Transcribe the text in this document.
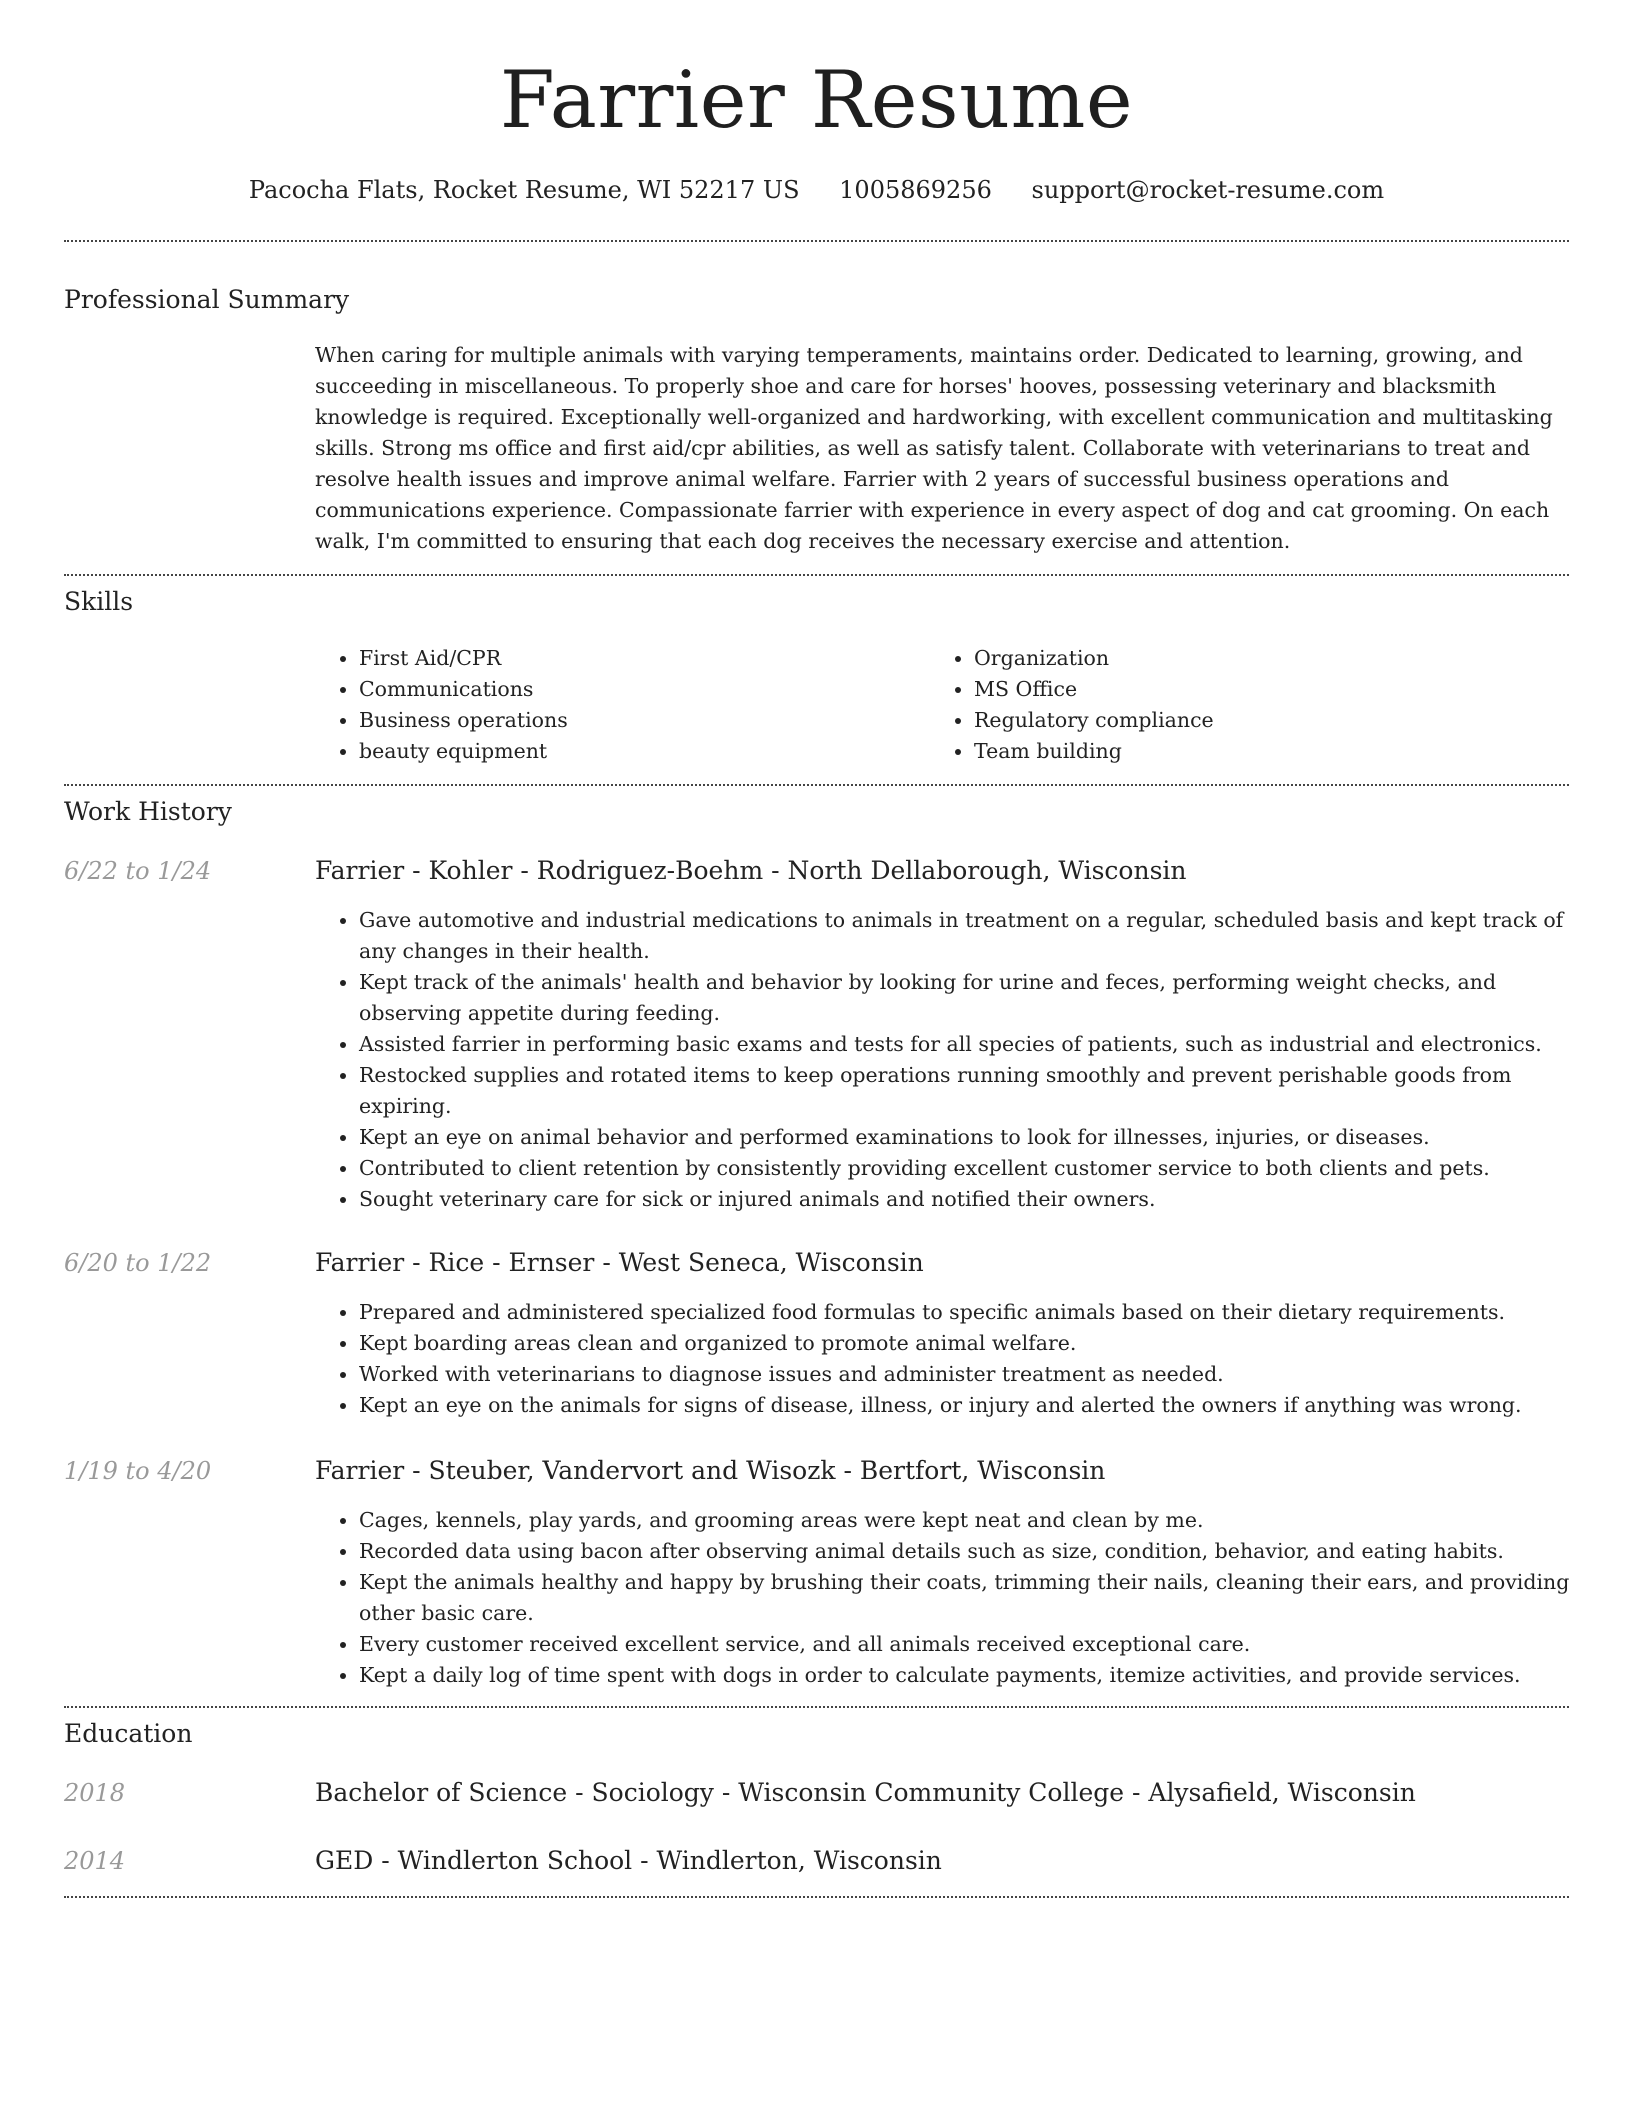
Farrier Resume
Pacocha Flats, Rocket Resume, WI 52217 US 1005869256 support@rocket-resume.com
Professional Summary
When caring for multiple animals with varying temperaments, maintains order. Dedicated to learning, growing, and succeeding in miscellaneous. To properly shoe and care for horses' hooves, possessing veterinary and blacksmith knowledge is required. Exceptionally well-organized and hardworking, with excellent communication and multitasking skills. Strong ms office and first aid/cpr abilities, as well as satisfy talent. Collaborate with veterinarians to treat and resolve health issues and improve animal welfare. Farrier with 2 years of successful business operations and communications experience. Compassionate farrier with experience in every aspect of dog and cat grooming. On each walk, I'm committed to ensuring that each dog receives the necessary exercise and attention.
Skills
• First Aid/CPR
• Communications
• Business operations
• beauty equipment
• Organization
• MS Office
• Regulatory compliance
• Team building
Work History
6/22 to 1/24	Farrier - Kohler - Rodriguez-Boehm - North Dellaborough, Wisconsin
• Gave automotive and industrial medications to animals in treatment on a regular, scheduled basis and kept track of any changes in their health.
• Kept track of the animals' health and behavior by looking for urine and feces, performing weight checks, and observing appetite during feeding.
• Assisted farrier in performing basic exams and tests for all species of patients, such as industrial and electronics.
• Restocked supplies and rotated items to keep operations running smoothly and prevent perishable goods from expiring.
• Kept an eye on animal behavior and performed examinations to look for illnesses, injuries, or diseases.
• Contributed to client retention by consistently providing excellent customer service to both clients and pets.
• Sought veterinary care for sick or injured animals and notified their owners.
6/20 to 1/22	Farrier - Rice - Ernser - West Seneca, Wisconsin
• Prepared and administered specialized food formulas to specific animals based on their dietary requirements.
• Kept boarding areas clean and organized to promote animal welfare.
• Worked with veterinarians to diagnose issues and administer treatment as needed.
• Kept an eye on the animals for signs of disease, illness, or injury and alerted the owners if anything was wrong.
1/19 to 4/20	Farrier - Steuber, Vandervort and Wisozk - Bertfort, Wisconsin
• Cages, kennels, play yards, and grooming areas were kept neat and clean by me.
• Recorded data using bacon after observing animal details such as size, condition, behavior, and eating habits.
• Kept the animals healthy and happy by brushing their coats, trimming their nails, cleaning their ears, and providing other basic care.
• Every customer received excellent service, and all animals received exceptional care.
• Kept a daily log of time spent with dogs in order to calculate payments, itemize activities, and provide services.
Education
2018	Bachelor of Science - Sociology - Wisconsin Community College - Alysafield, Wisconsin
2014	GED - Windlerton School - Windlerton, Wisconsin
